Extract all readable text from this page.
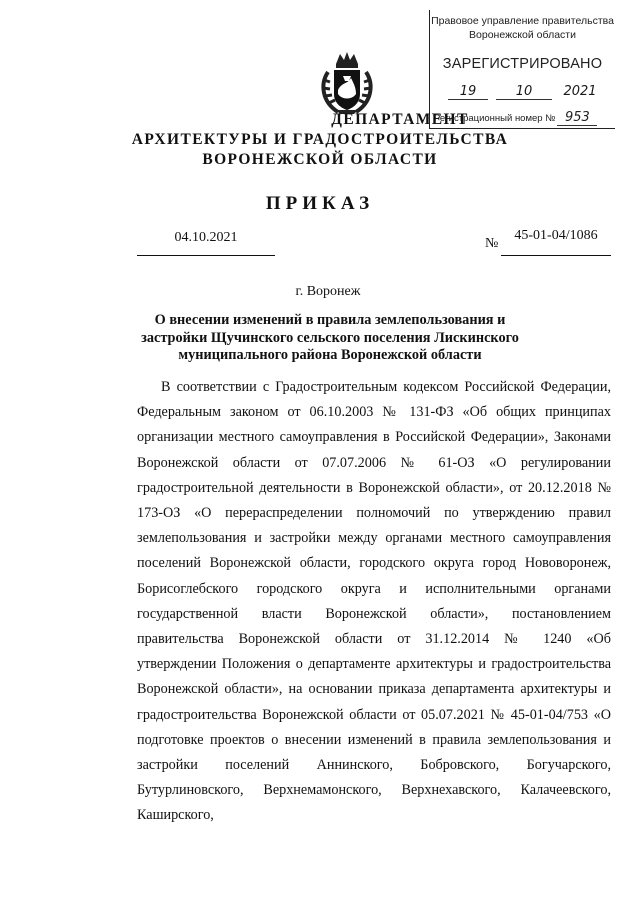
Правовое управление правительства
Воронежской области
ЗАРЕГИСТРИРОВАНО
19	10 2021
Регистрационный номер № 953
ДЕПАРТАМЕНТ
АРХИТЕКТУРЫ И ГРАДОСТРОИТЕЛЬСТВА
ВОРОНЕЖСКОЙ ОБЛАСТИ
ПРИКАЗ
04.10.2021	№
45-01-04/1086
г. Воронеж
О внесении изменений в правила землепользования и застройки Щучинского сельского поселения Лискинского муниципального района Воронежской области
В соответствии с Градостроительным кодексом Российской Федерации, Федеральным законом от 06.10.2003 № 131-ФЗ «Об общих принципах организации местного самоуправления в Российской Федерации», Законами Воронежской области от 07.07.2006 № 61-ОЗ «О регулировании градостроительной деятельности в Воронежской области», от 20.12.2018 № 173-ОЗ «О перераспределении полномочий по утверждению правил землепользования и застройки между органами местного самоуправления поселений Воронежской области, городского округа город Нововоронеж, Борисоглебского городского округа и исполнительными органами государственной власти Воронежской области», постановлением правительства Воронежской области от 31.12.2014 № 1240 «Об утверждении Положения о департаменте архитектуры и градостроительства Воронежской области», на основании приказа департамента архитектуры и градостроительства Воронежской области от 05.07.2021 № 45-01-04/753 «О подготовке проектов о внесении изменений в правила землепользования и застройки поселений Аннинского, Бобровского, Богучарского, Бутурлиновского, Верхнемамонского, Верхнехавского, Калачеевского, Каширского,
